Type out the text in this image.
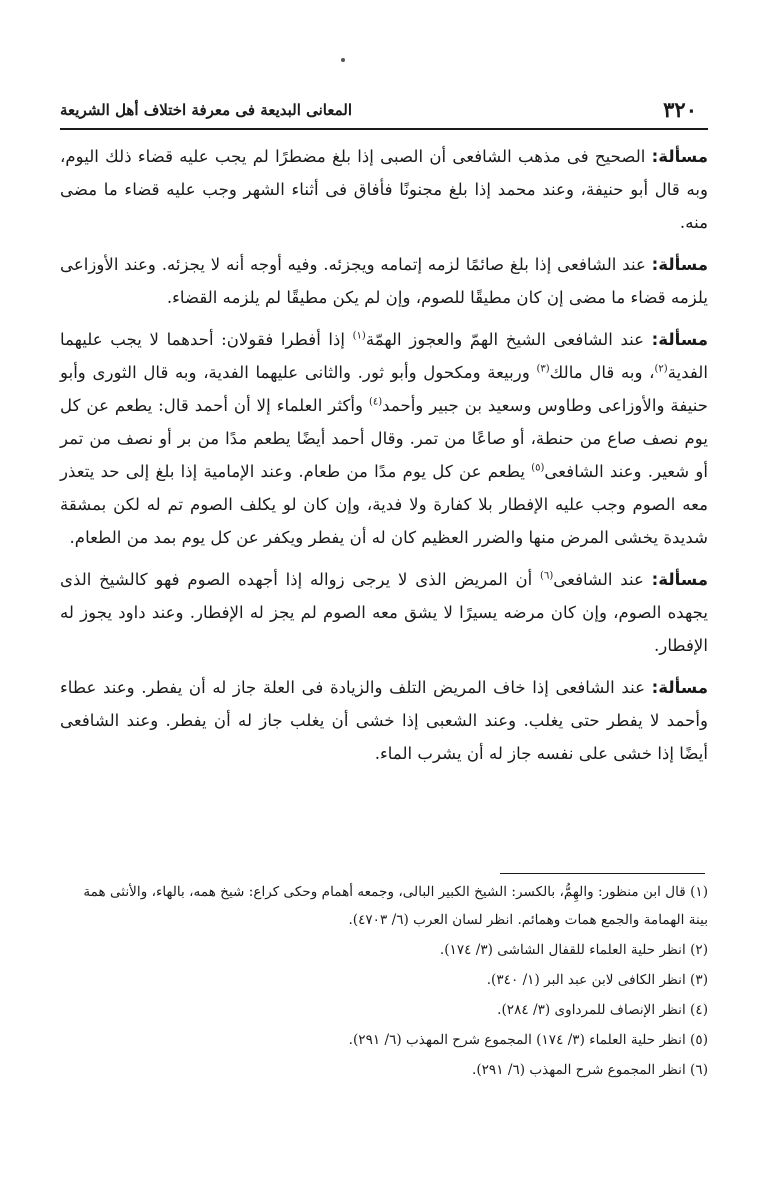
٣٢٠
المعانى البديعة فى معرفة اختلاف أهل الشريعة

مسألة: الصحيح فى مذهب الشافعى أن الصبى إذا بلغ مضطرًا لم يجب عليه قضاء ذلك اليوم، وبه قال أبو حنيفة، وعند محمد إذا بلغ مجنونًا فأفاق فى أثناء الشهر وجب عليه قضاء ما مضى منه.

مسألة: عند الشافعى إذا بلغ صائمًا لزمه إتمامه ويجزئه. وفيه أوجه أنه لا يجزئه. وعند الأوزاعى يلزمه قضاء ما مضى إن كان مطيقًا للصوم، وإن لم يكن مطيقًا لم يلزمه القضاء.

مسألة: عند الشافعى الشيخ الهمّ والعجوز الهمّة$^{(١)}$ إذا أفطرا فقولان: أحدهما لا يجب عليهما الفدية$^{(٢)}$، وبه قال مالك$^{(٣)}$ وربيعة ومكحول وأبو ثور. والثانى عليهما الفدية، وبه قال الثورى وأبو حنيفة والأوزاعى وطاوس وسعيد بن جبير وأحمد$^{(٤)}$ وأكثر العلماء إلا أن أحمد قال: يطعم عن كل يوم نصف صاع من حنطة، أو صاعًا من تمر. وقال أحمد أيضًا يطعم مدًا من بر أو نصف من تمر أو شعير. وعند الشافعى$^{(٥)}$ يطعم عن كل يوم مدًا من طعام. وعند الإمامية إذا بلغ إلى حد يتعذر معه الصوم وجب عليه الإفطار بلا كفارة ولا فدية، وإن كان لو يكلف الصوم تم له لكن بمشقة شديدة يخشى المرض منها والضرر العظيم كان له أن يفطر ويكفر عن كل يوم بمد من الطعام.

مسألة: عند الشافعى$^{(٦)}$ أن المريض الذى لا يرجى زواله إذا أجهده الصوم فهو كالشيخ الذى يجهده الصوم، وإن كان مرضه يسيرًا لا يشق معه الصوم لم يجز له الإفطار. وعند داود يجوز له الإفطار.

مسألة: عند الشافعى إذا خاف المريض التلف والزيادة فى العلة جاز له أن يفطر. وعند عطاء وأحمد لا يفطر حتى يغلب. وعند الشعبى إذا خشى أن يغلب جاز له أن يفطر. وعند الشافعى أيضًا إذا خشى على نفسه جاز له أن يشرب الماء.

(١) قال ابن منظور: والهِمُّ، بالكسر: الشيخ الكبير البالى، وجمعه أهمام وحكى كراع: شيخ همه، بالهاء، والأنثى همة بينة الهمامة والجمع همات وهمائم. انظر لسان العرب (٦/ ٤٧٠٣).

(٢) انظر حلية العلماء للقفال الشاشى (٣/ ١٧٤).

(٣) انظر الكافى لابن عبد البر (١/ ٣٤٠).

(٤) انظر الإنصاف للمرداوى (٣/ ٢٨٤).

(٥) انظر حلية العلماء (٣/ ١٧٤) المجموع شرح المهذب (٦/ ٢٩١).

(٦) انظر المجموع شرح المهذب (٦/ ٢٩١).
